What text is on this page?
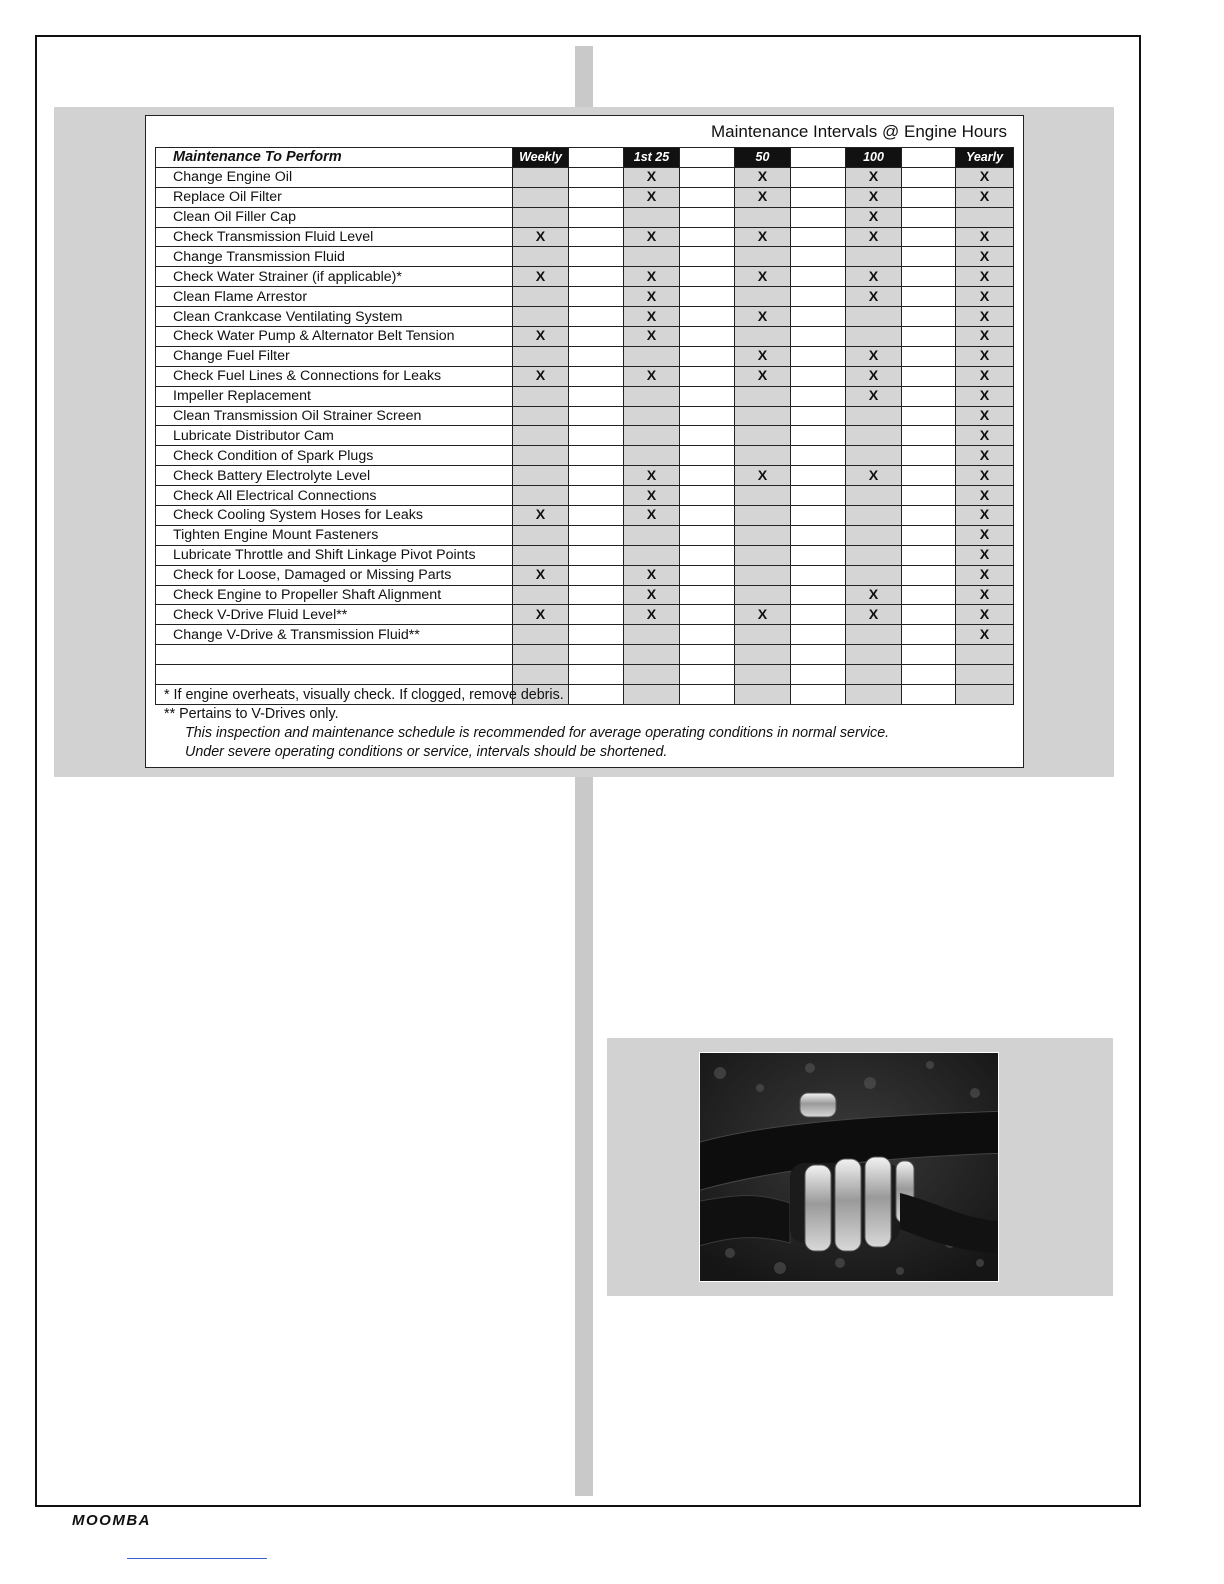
Maintenance Intervals @ Engine Hours
Maintenance To Perform	Weekly		1st 25		50		100		Yearly
Change Engine Oil			X		X		X		X
Replace Oil Filter			X		X		X		X
Clean Oil Filler Cap							X		
Check Transmission Fluid Level	X		X		X		X		X
Change Transmission Fluid									X
Check Water Strainer (if applicable)*	X		X		X		X		X
Clean Flame Arrestor			X				X		X
Clean Crankcase Ventilating System			X		X				X
Check Water Pump & Alternator Belt Tension	X		X						X
Change Fuel Filter					X		X		X
Check Fuel Lines & Connections for Leaks	X		X		X		X		X
Impeller Replacement							X		X
Clean Transmission Oil Strainer Screen									X
Lubricate Distributor Cam									X
Check Condition of Spark Plugs									X
Check Battery Electrolyte Level			X		X		X		X
Check All Electrical Connections			X						X
Check Cooling System Hoses for Leaks	X		X						X
Tighten Engine Mount Fasteners									X
Lubricate Throttle and Shift Linkage Pivot Points									X
Check for Loose, Damaged or Missing Parts	X		X						X
Check Engine to Propeller Shaft Alignment			X				X		X
Check V-Drive Fluid Level**	X		X		X		X		X
Change V-Drive & Transmission Fluid**									X

* If engine overheats, visually check. If clogged, remove debris.
** Pertains to V-Drives only.
This inspection and maintenance schedule is recommended for average operating conditions in normal service.
Under severe operating conditions or service, intervals should be shortened.
MOOMBA
